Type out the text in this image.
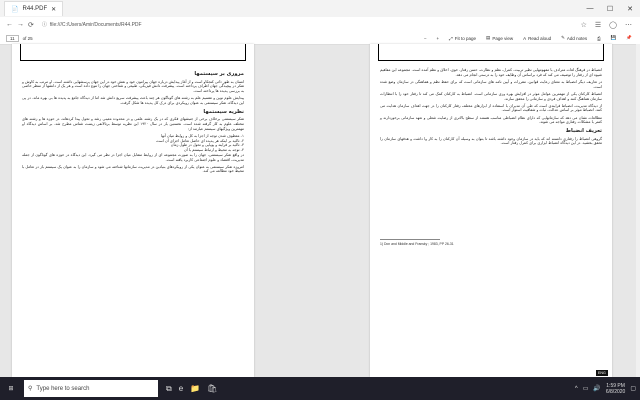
📄 R44.PDF ✕	—	☐	✕
← → ⟳ ⓘ file:///C:/Users/Amir/Documents/R44.PDF	☆ ☰ ◯ ⋯
11	of 25	− + ⤢ Fit to page ▤ Page view A Read aloud ✎ Add notes ⎙ 💾 📌
مروری بر سیستمها

انسان به طور ذاتی کنجکاو است و از آغاز پیدایش درباره جهان پیرامون خود و نقش خود در این جهان پرسشهایی داشته است. او مرتب به کاوش و تفکر در پیچیدگی جهان اطراف پرداخته است. پیشرفت دانش فیزیکی، طبیعی و شناختی جهان را تنوع داده است و هر یک از دانشها از منظر خاصی به بررسی پدیده ها پرداخته است.

پیدایش علوم نوین و تقسیم علم به رشته های گوناگون هر چند باعث پیشرفت سریع دانش شد اما از دیدگاه جامع به پدیده ها بی بهره ماند. در پی این دیدگاه، تفکر سیستمی به عنوان رویکردی برای درک کل پدیده ها شکل گرفت.

نظریه سیستمها

تفکر سیستمی برخلاف برخی از جنبشهای فکری که در یک رشته علمی و در محدوده معینی رشد و تحول پیدا کردهاند، در حوزه ها و رشته های مختلف علوم به کار گرفته شده است. نخستین بار در سال ۱۹۲۰ این نظریه توسط برتالانفی زیست شناس مطرح شد. بر اساس دیدگاه او مهمترین ویژگیهای سیستم عبارتند از:

۱- معطوف شدن توجه از اجزا به کل و روابط میان آنها

۲- تاکید بر اینکه هر پدیده ای حاصل تعامل اجزای آن است

۳- تاکید بر فرایند و پویایی و تحول در طول زمان

۴- توجه به محیط و ارتباط سیستم با آن

در واقع تفکر سیستمی، جهان را به صورت مجموعه ای از روابط متقابل میان اجزا در نظر می گیرد. این دیدگاه در حوزه های گوناگون از جمله مدیریت، اقتصاد و علوم اجتماعی کاربرد یافته است.

امروزه تفکر سیستمی به عنوان یکی از رویکردهای بنیادین در مدیریت سازمانها شناخته می شود و سازمان را به عنوان یک سیستم باز در تعامل با محیط خود مطالعه می کند.

انضباط در فرهنگ لغات مترادف با مفهومهایی نظیر تربیت، کنترل، نظم و نظارت، حسن رفتار، خوی، اخلاق و نظم آمده است. مجموعه این مفاهیم شیوه ای از رفتار را توصیف می کند که فرد براساس آن وظایف خود را به درستی انجام می دهد.

در تعاریف دیگر انضباط به معنای رعایت قوانین، مقررات و آیین نامه های سازمانی است که برای حفظ نظم و هماهنگی در سازمان وضع شده است.

انضباط کارکنان یکی از مهمترین عوامل موثر در افزایش بهره وری سازمانی است. انضباط به کارکنان کمک می کند تا رفتار خود را با انتظارات سازمان هماهنگ کنند و اهداف فردی و سازمانی را محقق سازند.

از دیدگاه مدیریت، انضباط فرایندی است که طی آن مدیران با استفاده از ابزارهای مختلف رفتار کارکنان را در جهت اهداف سازمان هدایت می کنند. انضباط موثر بر اساس عدالت، ثبات و شفافیت استوار است.

مطالعات نشان می دهد که سازمانهایی که دارای نظام انضباطی مناسب هستند از سطح بالاتری از رضایت شغلی و تعهد سازمانی برخوردارند و کمتر با مشکلات رفتاری مواجه می شوند.

تعریف انضباط

گروهی انضباط را رفتاری دانسته اند که باید در سازمان وجود داشته باشد تا بتوان به وسیله آن کارکنان را به کار وا داشت و هدفهای سازمان را تحقق بخشید. در این دیدگاه انضباط ابزاری برای کنترل رفتار است.

1) Don and Middle and Fransky ; 1983, PP 26-31
⊞	⚲ Type here to search	⧉ e 📁 🛍	^ ▭ 🔊
1:59 PM
6/8/2020 ▢
ENG
